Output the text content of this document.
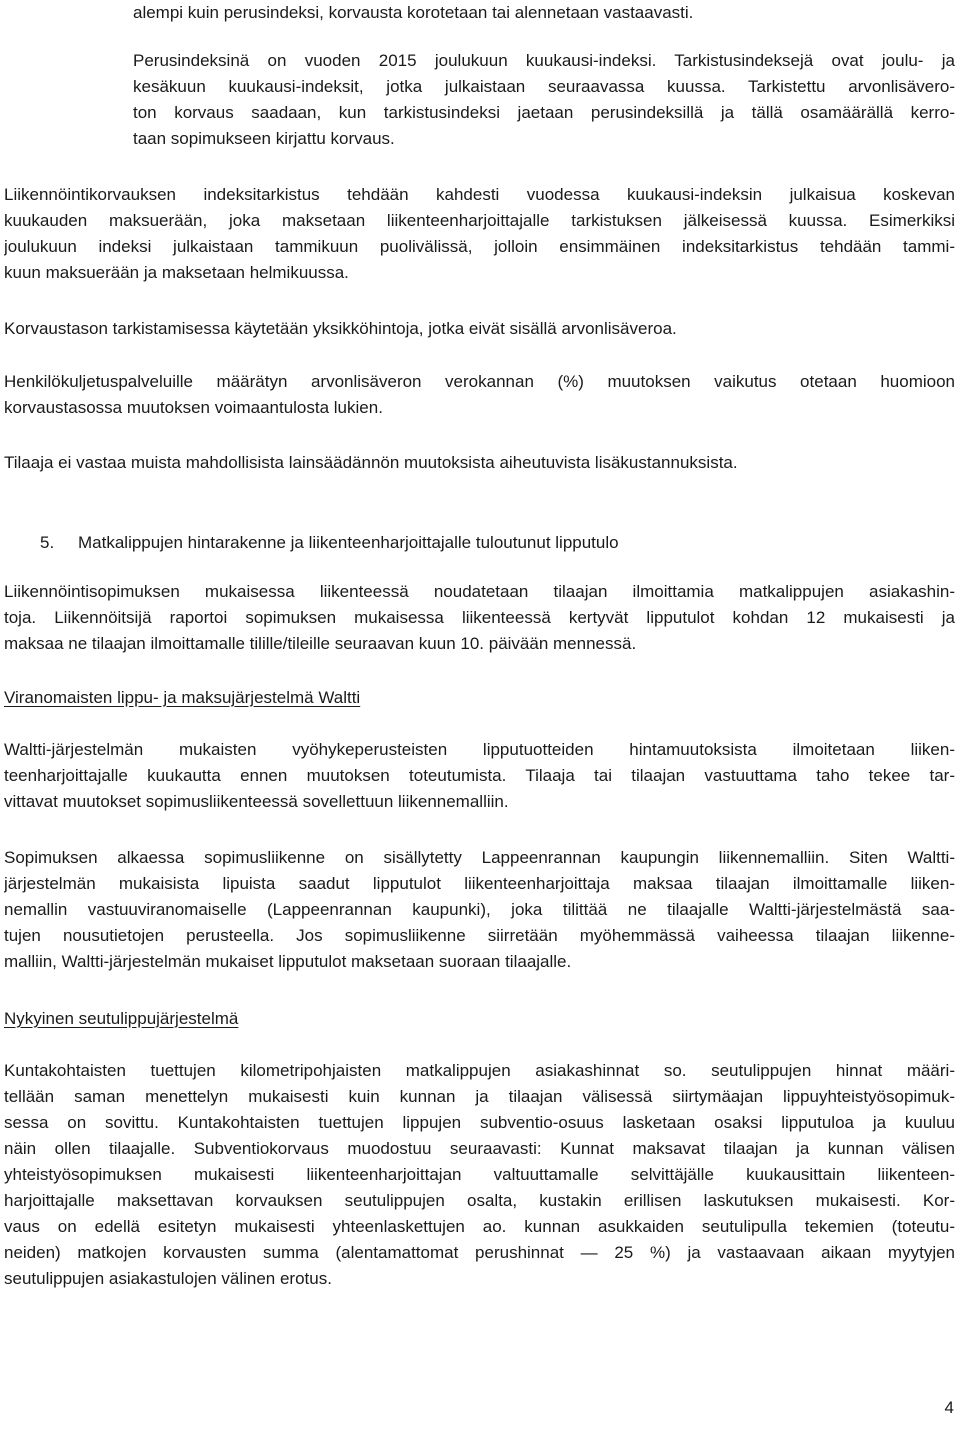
alempi kuin perusindeksi, korvausta korotetaan tai alennetaan vastaavasti.
Perusindeksinä on vuoden 2015 joulukuun kuukausi-indeksi. Tarkistusindeksejä ovat joulu- ja
kesäkuun kuukausi-indeksit, jotka julkaistaan seuraavassa kuussa. Tarkistettu arvonlisävero-
ton korvaus saadaan, kun tarkistusindeksi jaetaan perusindeksillä ja tällä osamäärällä kerro-
taan sopimukseen kirjattu korvaus.
Liikennöintikorvauksen indeksitarkistus tehdään kahdesti vuodessa kuukausi-indeksin julkaisua koskevan
kuukauden maksuerään, joka maksetaan liikenteenharjoittajalle tarkistuksen jälkeisessä kuussa. Esimerkiksi
joulukuun indeksi julkaistaan tammikuun puolivälissä, jolloin ensimmäinen indeksitarkistus tehdään tammi-
kuun maksuerään ja maksetaan helmikuussa.
Korvaustason tarkistamisessa käytetään yksikköhintoja, jotka eivät sisällä arvonlisäveroa.
Henkilökuljetuspalveluille määrätyn arvonlisäveron verokannan (%) muutoksen vaikutus otetaan huomioon
korvaustasossa muutoksen voimaantulosta lukien.
Tilaaja ei vastaa muista mahdollisista lainsäädännön muutoksista aiheutuvista lisäkustannuksista.
5. Matkalippujen hintarakenne ja liikenteenharjoittajalle tuloutunut lipputulo
Liikennöintisopimuksen mukaisessa liikenteessä noudatetaan tilaajan ilmoittamia matkalippujen asiakashin-
toja. Liikennöitsijä raportoi sopimuksen mukaisessa liikenteessä kertyvät lipputulot kohdan 12 mukaisesti ja
maksaa ne tilaajan ilmoittamalle tilille/tileille seuraavan kuun 10. päivään mennessä.
Viranomaisten lippu- ja maksujärjestelmä Waltti
Waltti-järjestelmän mukaisten vyöhykeperusteisten lipputuotteiden hintamuutoksista ilmoitetaan liiken-
teenharjoittajalle kuukautta ennen muutoksen toteutumista. Tilaaja tai tilaajan vastuuttama taho tekee tar-
vittavat muutokset sopimusliikenteessä sovellettuun liikennemalliin.
Sopimuksen alkaessa sopimusliikenne on sisällytetty Lappeenrannan kaupungin liikennemalliin. Siten Waltti-
järjestelmän mukaisista lipuista saadut lipputulot liikenteenharjoittaja maksaa tilaajan ilmoittamalle liiken-
nemallin vastuuviranomaiselle (Lappeenrannan kaupunki), joka tilittää ne tilaajalle Waltti-järjestelmästä saa-
tujen nousutietojen perusteella. Jos sopimusliikenne siirretään myöhemmässä vaiheessa tilaajan liikenne-
malliin, Waltti-järjestelmän mukaiset lipputulot maksetaan suoraan tilaajalle.
Nykyinen seutulippujärjestelmä
Kuntakohtaisten tuettujen kilometripohjaisten matkalippujen asiakashinnat so. seutulippujen hinnat määri-
tellään saman menettelyn mukaisesti kuin kunnan ja tilaajan välisessä siirtymäajan lippuyhteistyösopimuk-
sessa on sovittu. Kuntakohtaisten tuettujen lippujen subventio-osuus lasketaan osaksi lipputuloa ja kuuluu
näin ollen tilaajalle. Subventiokorvaus muodostuu seuraavasti: Kunnat maksavat tilaajan ja kunnan välisen
yhteistyösopimuksen mukaisesti liikenteenharjoittajan valtuuttamalle selvittäjälle kuukausittain liikenteen-
harjoittajalle maksettavan korvauksen seutulippujen osalta, kustakin erillisen laskutuksen mukaisesti. Kor-
vaus on edellä esitetyn mukaisesti yhteenlaskettujen ao. kunnan asukkaiden seutulipulla tekemien (toteutu-
neiden) matkojen korvausten summa (alentamattomat perushinnat — 25 %) ja vastaavaan aikaan myytyjen
seutulippujen asiakastulojen välinen erotus.
4
